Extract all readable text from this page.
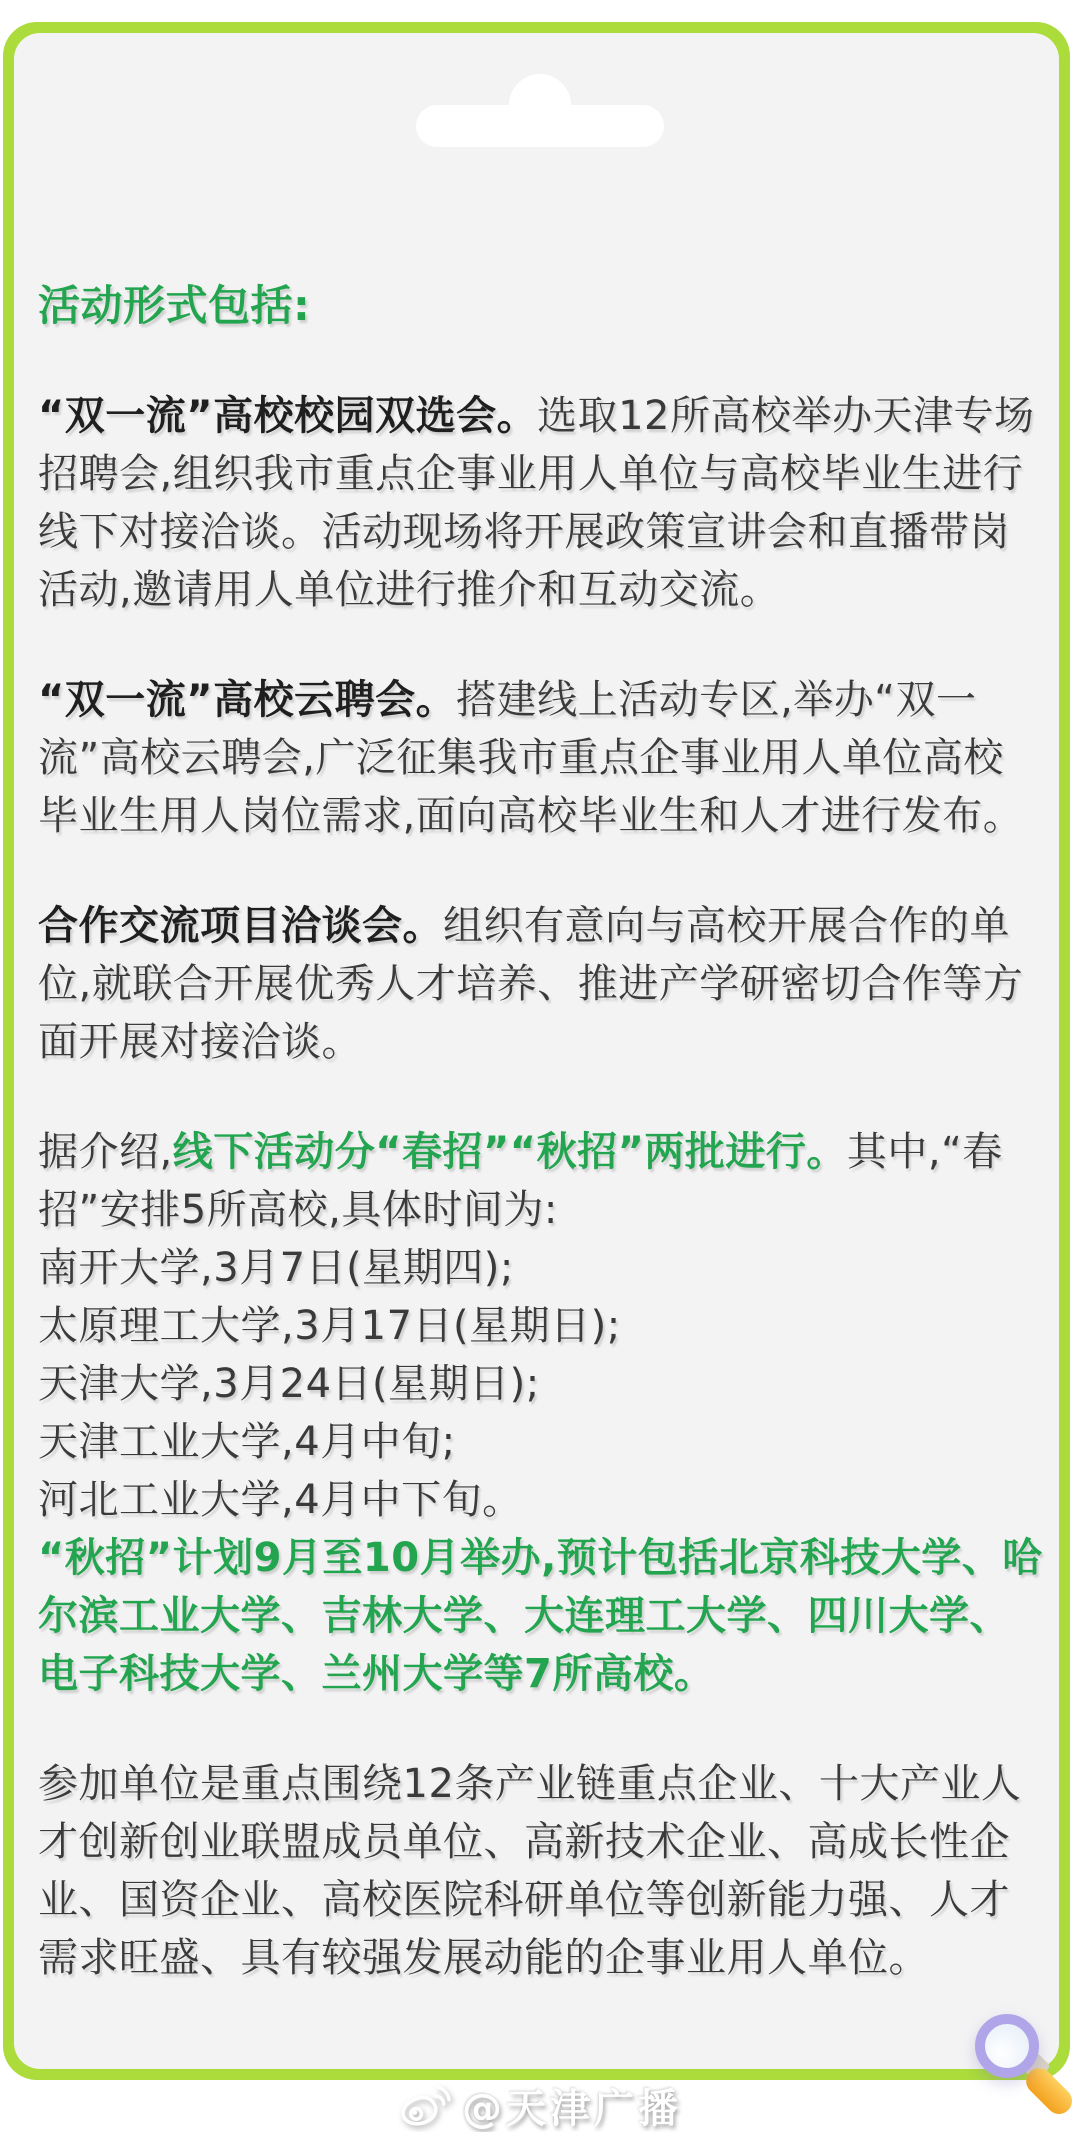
活动形式包括:

“双一流”高校校园双选会。选取12所高校举办天津专场招聘会,组织我市重点企事业用人单位与高校毕业生进行线下对接洽谈。活动现场将开展政策宣讲会和直播带岗活动,邀请用人单位进行推介和互动交流。

“双一流”高校云聘会。搭建线上活动专区,举办“双一流”高校云聘会,广泛征集我市重点企事业用人单位高校毕业生用人岗位需求,面向高校毕业生和人才进行发布。

合作交流项目洽谈会。组织有意向与高校开展合作的单位,就联合开展优秀人才培养、推进产学研密切合作等方面开展对接洽谈。

据介绍,线下活动分“春招”“秋招”两批进行。其中,“春招”安排5所高校,具体时间为:
南开大学,3月7日(星期四);
太原理工大学,3月17日(星期日);
天津大学,3月24日(星期日);
天津工业大学,4月中旬;
河北工业大学,4月中下旬。
“秋招”计划9月至10月举办,预计包括北京科技大学、哈尔滨工业大学、吉林大学、大连理工大学、四川大学、电子科技大学、兰州大学等7所高校。

参加单位是重点围绕12条产业链重点企业、十大产业人才创新创业联盟成员单位、高新技术企业、高成长性企业、国资企业、高校医院科研单位等创新能力强、人才需求旺盛、具有较强发展动能的企事业用人单位。

@天津广播
